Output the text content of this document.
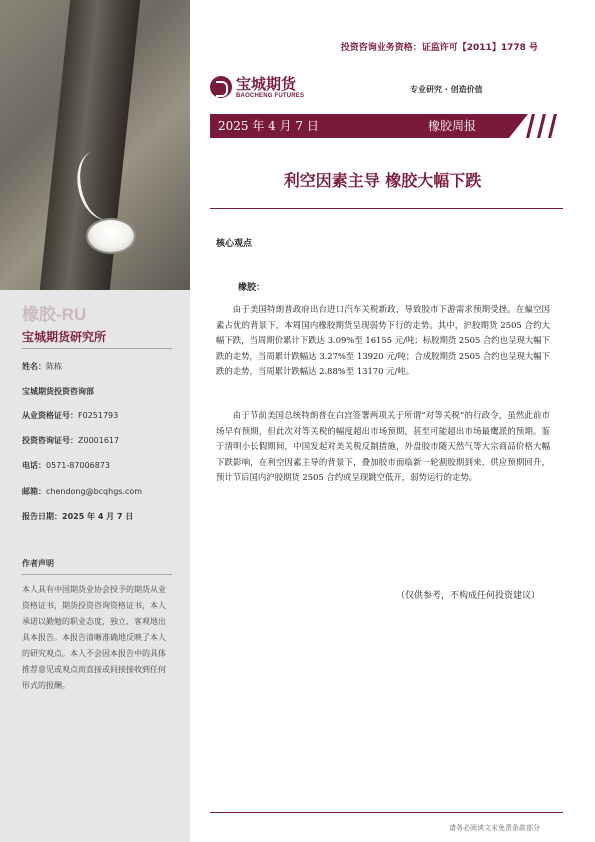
橡胶-RU
宝城期货研究所
姓名：陈栋
宝城期货投资咨询部
从业资格证号：F0251793
投资咨询证号：Z0001617
电话：0571-87006873
邮箱：chendong@bcqhgs.com
报告日期：2025 年 4 月 7 日
作者声明
本人具有中国期货业协会授予的期货从业资格证书，期货投资咨询资格证书，本人承诺以勤勉的职业态度，独立、客观地出具本报告。本报告清晰准确地反映了本人的研究观点。本人不会因本报告中的具体推荐意见或观点而直接或间接接收到任何形式的报酬。
投资咨询业务资格：证监许可【2011】1778 号
宝城期货
BAOCHENG FUTURES
专业研究 · 创造价值
2025 年 4 月 7 日	橡胶周报
利空因素主导 橡胶大幅下跌
核心观点
橡胶：
由于美国特朗普政府出台进口汽车关税新政，导致胶市下游需求预期受挫。在偏空因素占优的背景下，本周国内橡胶期货呈现弱势下行的走势。其中，沪胶期货 2505 合约大幅下跌，当周期价累计下跌达 3.09%至 16155 元/吨；标胶期货 2505 合约也呈现大幅下跌的走势，当周累计跌幅达 3.27%至 13920 元/吨；合成胶期货 2505 合约也呈现大幅下跌的走势，当周累计跌幅达 2.88%至 13170 元/吨。
由于节前美国总统特朗普在白宫签署两项关于所谓“对等关税”的行政令，虽然此前市场早有预期，但此次对等关税的幅度超出市场预期，甚至可能超出市场最鹰派的预期。鉴于清明小长假期间，中国发起对美关税反制措施，外盘胶市随天然气等大宗商品价格大幅下跌影响，在利空因素主导的背景下，叠加胶市面临新一轮割胶期到来，供应预期回升，预计节后国内沪胶期货 2505 合约或呈现跳空低开，弱势运行的走势。
（仅供参考，不构成任何投资建议）
请务必阅读文末免责条款部分
